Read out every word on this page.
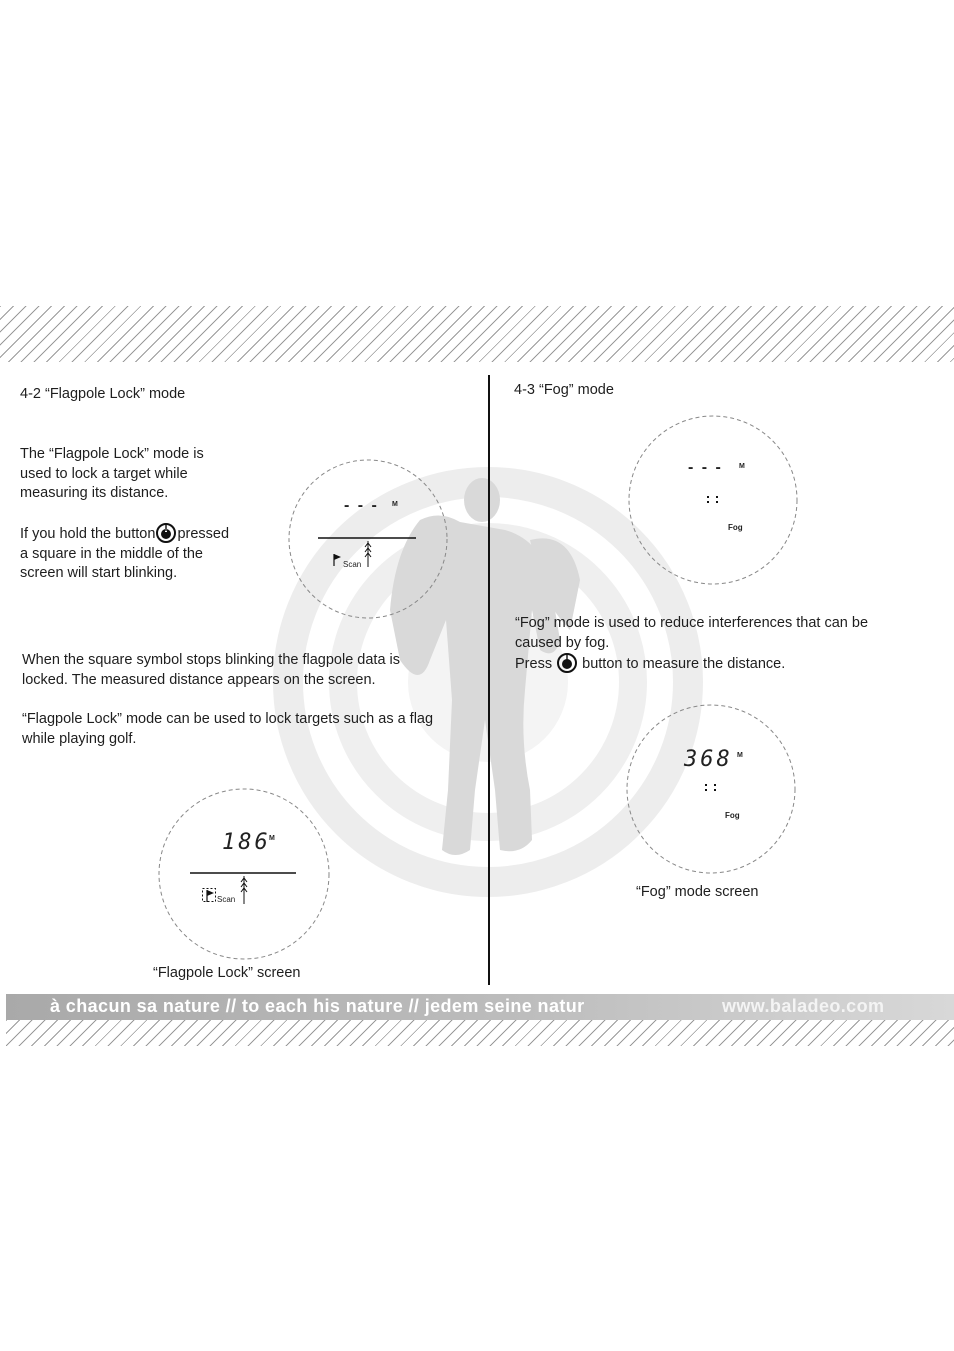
4-2 “Flagpole Lock” mode
The “Flagpole Lock” mode is
used to lock a target while
measuring its distance.
If you hold the button pressed
a square in the middle of the
screen will start blinking.
When the square symbol stops blinking the flagpole data is
locked. The measured distance appears on the screen.
“Flagpole Lock” mode can be used to lock targets such as a flag
while playing golf.
- - - M
Scan
186
M
Scan
“Flagpole Lock” screen
4-3 “Fog” mode
- - - M
Fog
“Fog” mode is used to reduce interferences that can be
caused by fog.
Press button to measure the distance.
368 M
Fog
“Fog” mode screen
à chacun sa nature // to each his nature // jedem seine natur	www.baladeo.com
